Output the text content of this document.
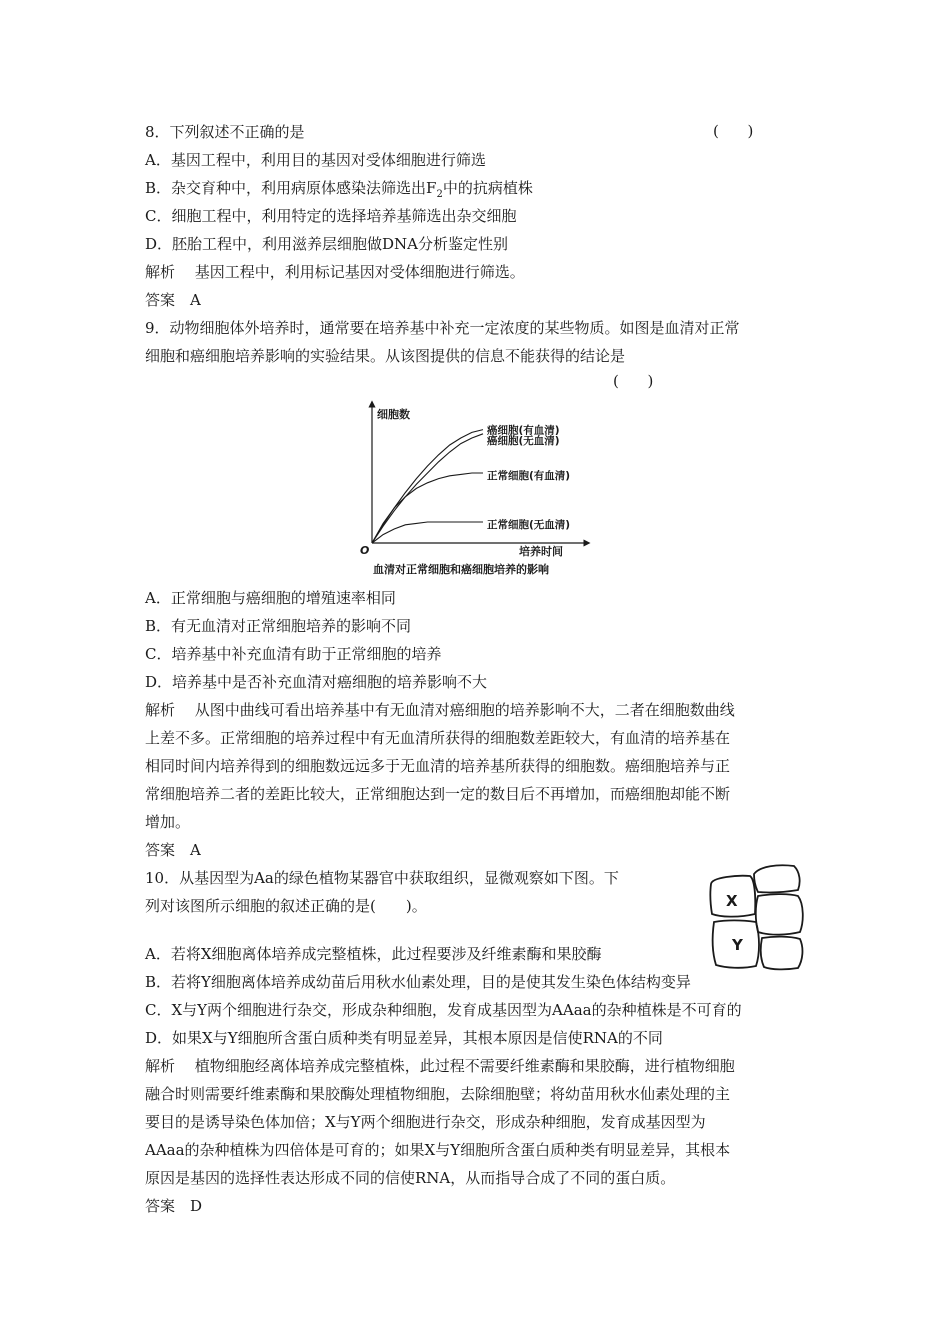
8．下列叙述不正确的是	(      )
A．基因工程中，利用目的基因对受体细胞进行筛选
B．杂交育种中，利用病原体感染法筛选出$F_2$中的抗病植株
C．细胞工程中，利用特定的选择培养基筛选出杂交细胞
D．胚胎工程中，利用滋养层细胞做DNA分析鉴定性别
解析　 基因工程中，利用标记基因对受体细胞进行筛选。
答案　A
9．动物细胞体外培养时，通常要在培养基中补充一定浓度的某些物质。如图是血清对正常
细胞和癌细胞培养影响的实验结果。从该图提供的信息不能获得的结论是
(      )
细胞数
O	培养时间
血清对正常细胞和癌细胞培养的影响
癌细胞(有血清)
癌细胞(无血清)
正常细胞(有血清)
正常细胞(无血清)
A．正常细胞与癌细胞的增殖速率相同
B．有无血清对正常细胞培养的影响不同
C．培养基中补充血清有助于正常细胞的培养
D．培养基中是否补充血清对癌细胞的培养影响不大
解析　 从图中曲线可看出培养基中有无血清对癌细胞的培养影响不大，二者在细胞数曲线
上差不多。正常细胞的培养过程中有无血清所获得的细胞数差距较大，有血清的培养基在
相同时间内培养得到的细胞数远远多于无血清的培养基所获得的细胞数。癌细胞培养与正
常细胞培养二者的差距比较大，正常细胞达到一定的数目后不再增加，而癌细胞却能不断
增加。
答案　A
10．从基因型为Aa的绿色植物某器官中获取组织，显微观察如下图。下
列对该图所示细胞的叙述正确的是(　　)。	X
Y
A．若将X细胞离体培养成完整植株，此过程要涉及纤维素酶和果胶酶
B．若将Y细胞离体培养成幼苗后用秋水仙素处理，目的是使其发生染色体结构变异
C．X与Y两个细胞进行杂交，形成杂种细胞，发育成基因型为AAaa的杂种植株是不可育的
D．如果X与Y细胞所含蛋白质种类有明显差异，其根本原因是信使RNA的不同
解析　 植物细胞经离体培养成完整植株，此过程不需要纤维素酶和果胶酶，进行植物细胞
融合时则需要纤维素酶和果胶酶处理植物细胞，去除细胞壁；将幼苗用秋水仙素处理的主
要目的是诱导染色体加倍；X与Y两个细胞进行杂交，形成杂种细胞，发育成基因型为
AAaa的杂种植株为四倍体是可育的；如果X与Y细胞所含蛋白质种类有明显差异，其根本
原因是基因的选择性表达形成不同的信使RNA，从而指导合成了不同的蛋白质。
答案　D
